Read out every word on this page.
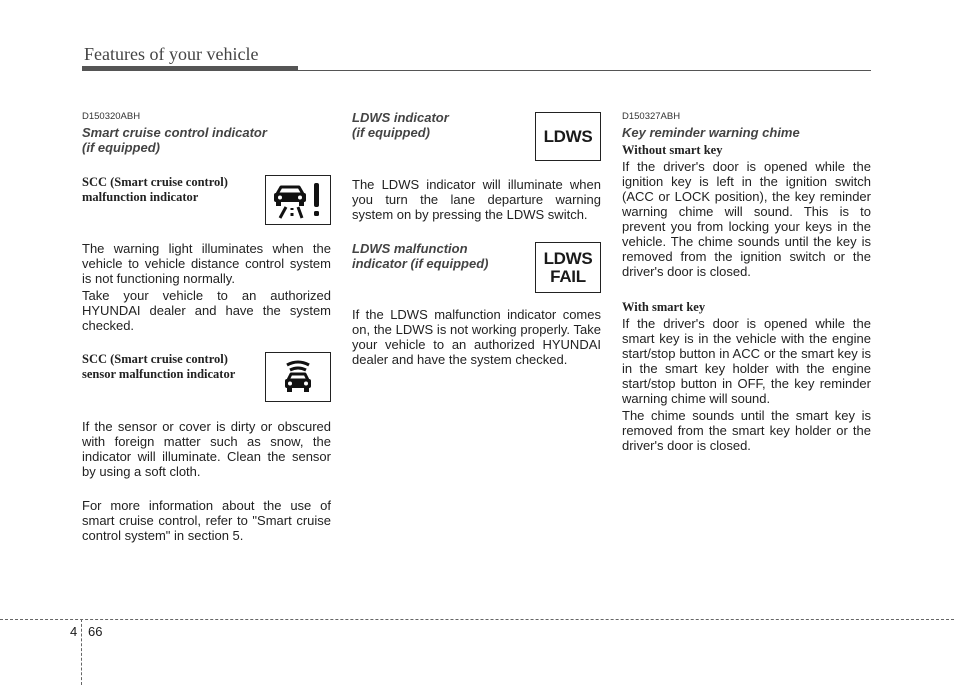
Features of your vehicle
D150320ABH
Smart cruise control indicator
(if equipped)
SCC (Smart cruise control)
malfunction indicator
The warning light illuminates when the vehicle to vehicle distance control system is not functioning normally.
Take your vehicle to an authorized HYUNDAI dealer and have the system checked.
SCC (Smart cruise control)
sensor malfunction indicator
If the sensor or cover is dirty or obscured with foreign matter such as snow, the indicator will illuminate. Clean the sensor by using a soft cloth.
For more information about the use of smart cruise control, refer to "Smart cruise control system" in section 5.
LDWS indicator
(if equipped)	LDWS
The LDWS indicator will illuminate when you turn the lane departure warning system on by pressing the LDWS switch.
LDWS malfunction
indicator (if equipped)	LDWS
FAIL
If the LDWS malfunction indicator comes on, the LDWS is not working properly. Take your vehicle to an authorized HYUNDAI dealer and have the system checked.
D150327ABH
Key reminder warning chime
Without smart key
If the driver's door is opened while the ignition key is left in the ignition switch (ACC or LOCK position), the key reminder warning chime will sound. This is to prevent you from locking your keys in the vehicle. The chime sounds until the key is removed from the ignition switch or the driver's door is closed.
With smart key
If the driver's door is opened while the smart key is in the vehicle with the engine start/stop button in ACC or the smart key is in the smart key holder with the engine start/stop button in OFF, the key reminder warning chime will sound.
The chime sounds until the smart key is removed from the smart key holder or the driver's door is closed.
4 66
